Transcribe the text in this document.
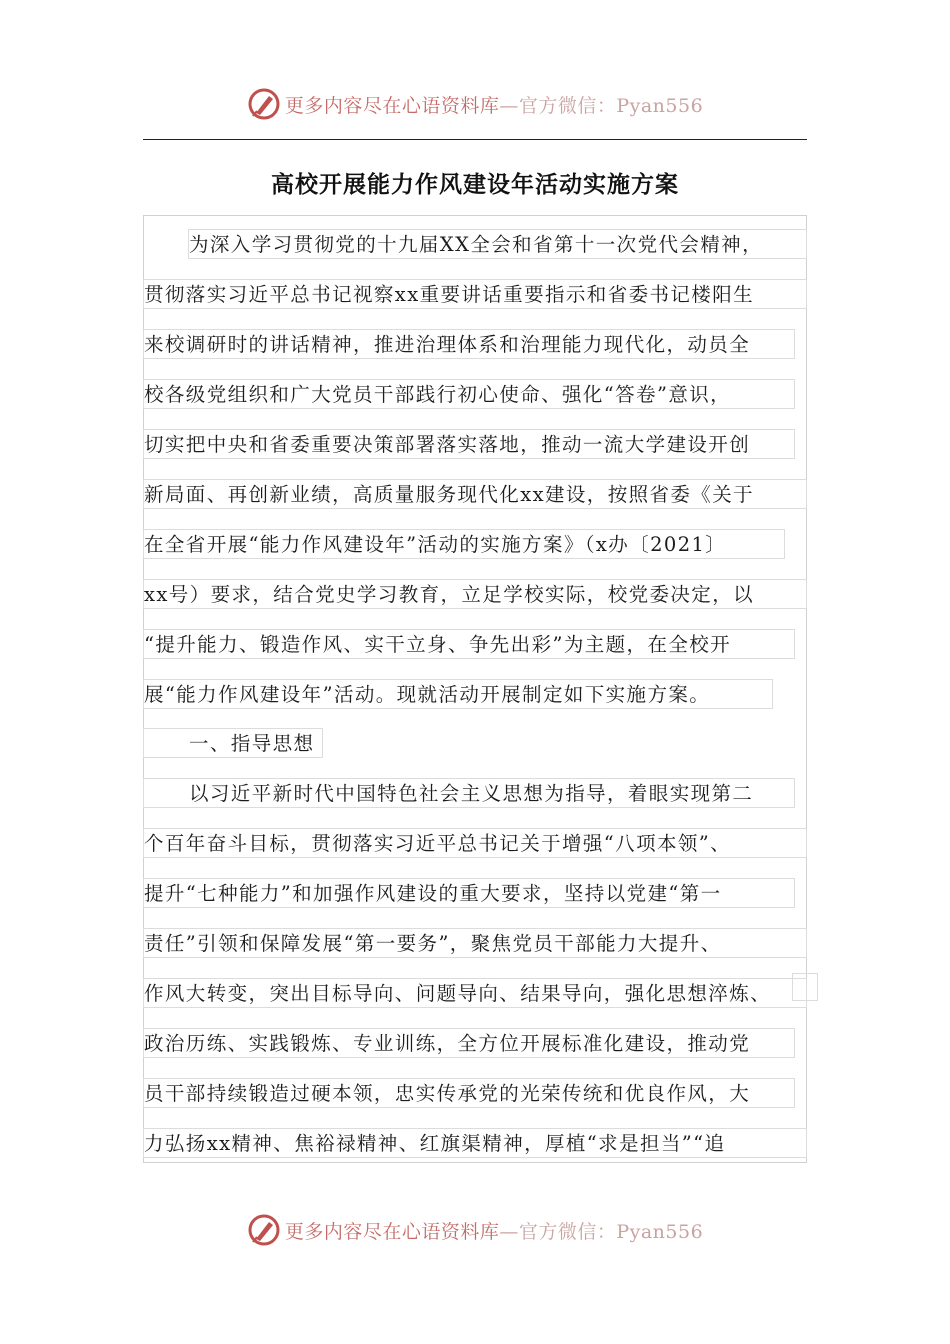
更多内容尽在心语资料库—官方微信：Pyan556
高校开展能力作风建设年活动实施方案
为深入学习贯彻党的十九届XX全会和省第十一次党代会精神，
贯彻落实习近平总书记视察xx重要讲话重要指示和省委书记楼阳生
来校调研时的讲话精神，推进治理体系和治理能力现代化，动员全
校各级党组织和广大党员干部践行初心使命、强化“答卷”意识，
切实把中央和省委重要决策部署落实落地，推动一流大学建设开创
新局面、再创新业绩，高质量服务现代化xx建设，按照省委《关于
在全省开展“能力作风建设年”活动的实施方案》（x办〔2021〕
xx号）要求，结合党史学习教育，立足学校实际，校党委决定，以
“提升能力、锻造作风、实干立身、争先出彩”为主题，在全校开
展“能力作风建设年”活动。现就活动开展制定如下实施方案。
一、指导思想
以习近平新时代中国特色社会主义思想为指导，着眼实现第二
个百年奋斗目标，贯彻落实习近平总书记关于增强“八项本领”、
提升“七种能力”和加强作风建设的重大要求，坚持以党建“第一
责任”引领和保障发展“第一要务”，聚焦党员干部能力大提升、
作风大转变，突出目标导向、问题导向、结果导向，强化思想淬炼、
政治历练、实践锻炼、专业训练，全方位开展标准化建设，推动党
员干部持续锻造过硬本领，忠实传承党的光荣传统和优良作风，大
力弘扬xx精神、焦裕禄精神、红旗渠精神，厚植“求是担当”“追
更多内容尽在心语资料库—官方微信：Pyan556
